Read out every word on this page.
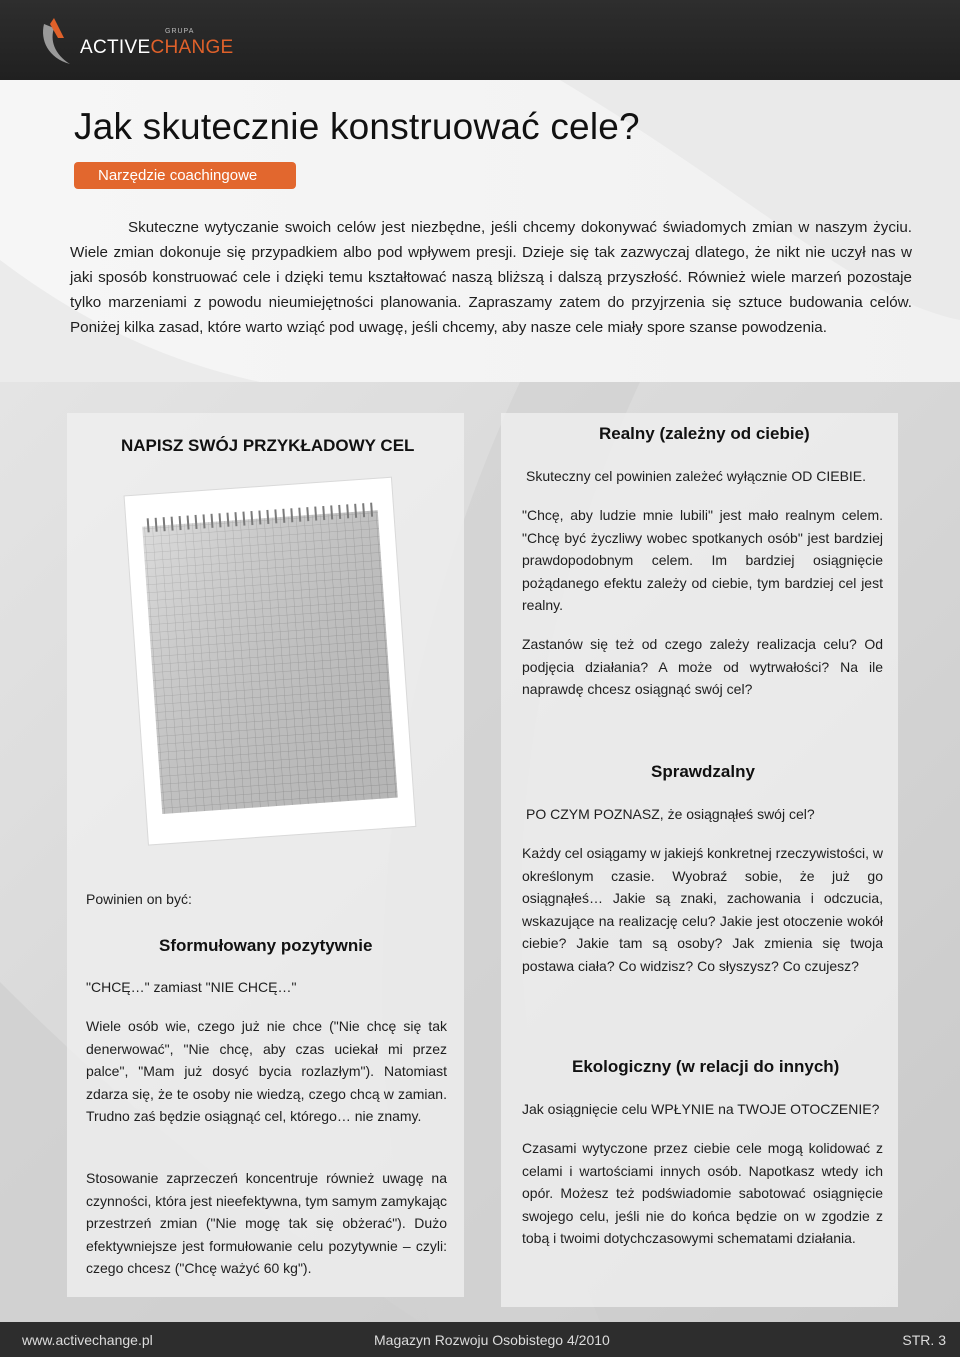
GRUPA
ACTIVECHANGE
Jak skutecznie konstruować cele?
Narzędzie coachingowe

Skuteczne wytyczanie swoich celów jest niezbędne, jeśli chcemy dokonywać świadomych zmian w naszym życiu. Wiele zmian dokonuje się przypadkiem albo pod wpływem presji. Dzieje się tak zazwyczaj dlatego, że nikt nie uczył nas w jaki sposób konstruować cele i dzięki temu kształtować naszą bliższą i dalszą przyszłość. Również wiele marzeń pozostaje tylko marzeniami z powodu nieumiejętności planowania. Zapraszamy zatem do przyjrzenia się sztuce budowania celów. Poniżej kilka zasad, które warto wziąć pod uwagę, jeśli chcemy, aby nasze cele miały spore szanse powodzenia.

NAPISZ SWÓJ PRZYKŁADOWY CEL

Powinien on być:

Sformułowany pozytywnie

"CHCĘ…" zamiast "NIE CHCĘ…"

Wiele osób wie, czego już nie chce ("Nie chcę się tak denerwować", "Nie chcę, aby czas uciekał mi przez palce", "Mam już dosyć bycia rozlazłym"). Natomiast zdarza się, że te osoby nie wiedzą, czego chcą w zamian. Trudno zaś będzie osiągnąć cel, którego… nie znamy.

Stosowanie zaprzeczeń koncentruje również uwagę na czynności, która jest nieefektywna, tym samym zamykając przestrzeń zmian ("Nie mogę tak się obżerać"). Dużo efektywniejsze jest formułowanie celu pozytywnie – czyli: czego chcesz ("Chcę ważyć 60 kg").

Realny (zależny od ciebie)

Skuteczny cel powinien zależeć wyłącznie OD CIEBIE.

"Chcę, aby ludzie mnie lubili" jest mało realnym celem. "Chcę być życzliwy wobec spotkanych osób" jest bardziej prawdopodobnym celem. Im bardziej osiągnięcie pożądanego efektu zależy od ciebie, tym bardziej cel jest realny.

Zastanów się też od czego zależy realizacja celu? Od podjęcia działania? A może od wytrwałości? Na ile naprawdę chcesz osiągnąć swój cel?

Sprawdzalny

PO CZYM POZNASZ, że osiągnąłeś swój cel?

Każdy cel osiągamy w jakiejś konkretnej rzeczywistości, w określonym czasie. Wyobraź sobie, że już go osiągnąłeś… Jakie są znaki, zachowania i odczucia, wskazujące na realizację celu? Jakie jest otoczenie wokół ciebie? Jakie tam są osoby? Jak zmienia się twoja postawa ciała? Co widzisz? Co słyszysz? Co czujesz?

Ekologiczny (w relacji do innych)

Jak osiągnięcie celu WPŁYNIE na TWOJE OTOCZENIE?

Czasami wytyczone przez ciebie cele mogą kolidować z celami i wartościami innych osób. Napotkasz wtedy ich opór. Możesz też podświadomie sabotować osiągnięcie swojego celu, jeśli nie do końca będzie on w zgodzie z tobą i twoimi dotychczasowymi schematami działania.

www.activechange.pl	Magazyn Rozwoju Osobistego 4/2010	STR. 3
